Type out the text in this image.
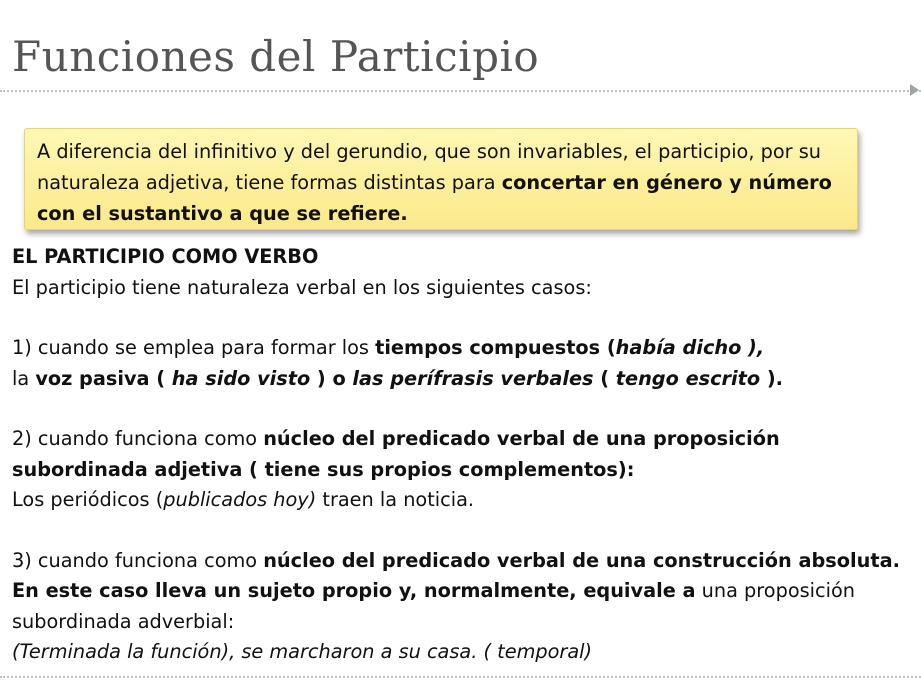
Funciones del Participio
A diferencia del infinitivo y del gerundio, que son invariables, el participio, por su naturaleza adjetiva, tiene formas distintas para concertar en género y número con el sustantivo a que se refiere.

EL PARTICIPIO COMO VERBO

El participio tiene naturaleza verbal en los siguientes casos:

1) cuando se emplea para formar los tiempos compuestos (había dicho ),

la voz pasiva ( ha sido visto ) o las perífrasis verbales ( tengo escrito ).

2) cuando funciona como núcleo del predicado verbal de una proposición subordinada adjetiva ( tiene sus propios complementos):

Los periódicos (publicados hoy) traen la noticia.

3) cuando funciona como núcleo del predicado verbal de una construcción absoluta. En este caso lleva un sujeto propio y, normalmente, equivale a una proposición subordinada adverbial:

(Terminada la función), se marcharon a su casa. ( temporal)
